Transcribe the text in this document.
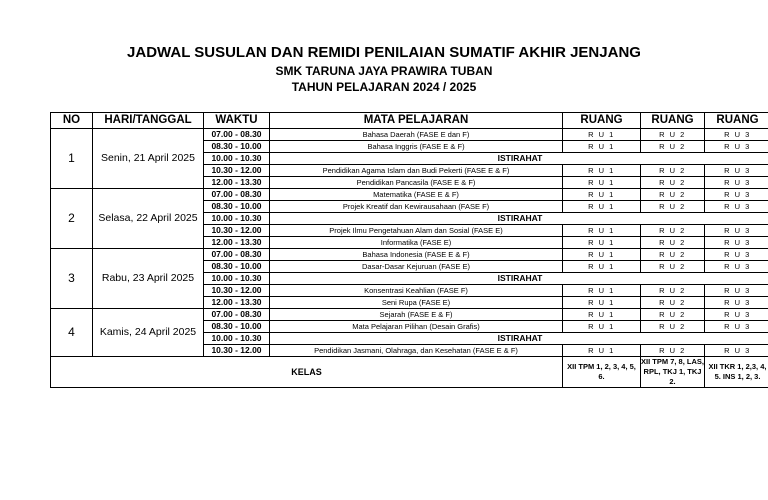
JADWAL SUSULAN DAN REMIDI PENILAIAN SUMATIF AKHIR JENJANG
SMK TARUNA JAYA PRAWIRA TUBAN
TAHUN PELAJARAN 2024 / 2025
NO	HARI/TANGGAL	WAKTU	MATA PELAJARAN	RUANG	RUANG	RUANG
1	Senin, 21 April 2025	07.00 - 08.30	Bahasa Daerah (FASE E dan F)	R U 1	R U 2	R U 3
		08.30 - 10.00	Bahasa Inggris (FASE E & F)	R U 1	R U 2	R U 3
		10.00 - 10.30	ISTIRAHAT			
		10.30 - 12.00	Pendidikan Agama Islam dan Budi Pekerti (FASE E & F)	R U 1	R U 2	R U 3
		12.00 - 13.30	Pendidikan Pancasila (FASE E & F)	R U 1	R U 2	R U 3
2	Selasa, 22 April 2025	07.00 - 08.30	Matematika (FASE E & F)	R U 1	R U 2	R U 3
		08.30 - 10.00	Projek Kreatif dan Kewirausahaan (FASE F)	R U 1	R U 2	R U 3
		10.00 - 10.30	ISTIRAHAT			
		10.30 - 12.00	Projek Ilmu Pengetahuan Alam dan Sosial (FASE E)	R U 1	R U 2	R U 3
		12.00 - 13.30	Informatika (FASE E)	R U 1	R U 2	R U 3
3	Rabu, 23 April 2025	07.00 - 08.30	Bahasa Indonesia (FASE E & F)	R U 1	R U 2	R U 3
		08.30 - 10.00	Dasar-Dasar Kejuruan (FASE E)	R U 1	R U 2	R U 3
		10.00 - 10.30	ISTIRAHAT			
		10.30 - 12.00	Konsentrasi Keahlian (FASE F)	R U 1	R U 2	R U 3
		12.00 - 13.30	Seni Rupa (FASE E)	R U 1	R U 2	R U 3
4	Kamis, 24 April 2025	07.00 - 08.30	Sejarah (FASE E & F)	R U 1	R U 2	R U 3
		08.30 - 10.00	Mata Pelajaran Pilihan (Desain Grafis)	R U 1	R U 2	R U 3
		10.00 - 10.30	ISTIRAHAT			
		10.30 - 12.00	Pendidikan Jasmani, Olahraga, dan Kesehatan (FASE E & F)	R U 1	R U 2	R U 3
KELAS				XII TPM 1, 2, 3, 4, 5, 6.	XII TPM 7, 8, LAS, RPL, TKJ 1, TKJ 2.	XII TKR 1, 2,3, 4, 5. INS 1, 2, 3.
